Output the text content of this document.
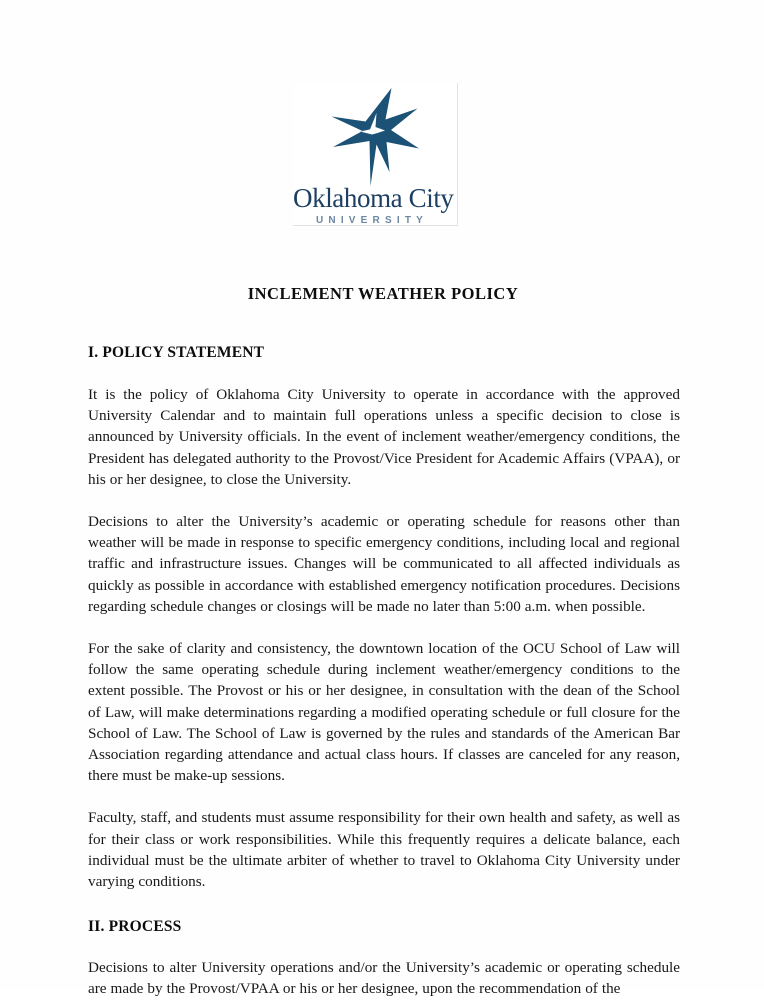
Oklahoma City
UNIVERSITY
INCLEMENT WEATHER POLICY
I. POLICY STATEMENT

It is the policy of Oklahoma City University to operate in accordance with the approved University Calendar and to maintain full operations unless a specific decision to close is announced by University officials. In the event of inclement weather/emergency conditions, the President has delegated authority to the Provost/Vice President for Academic Affairs (VPAA), or his or her designee, to close the University.

Decisions to alter the University’s academic or operating schedule for reasons other than weather will be made in response to specific emergency conditions, including local and regional traffic and infrastructure issues. Changes will be communicated to all affected individuals as quickly as possible in accordance with established emergency notification procedures. Decisions regarding schedule changes or closings will be made no later than 5:00 a.m. when possible.

For the sake of clarity and consistency, the downtown location of the OCU School of Law will follow the same operating schedule during inclement weather/emergency conditions to the extent possible. The Provost or his or her designee, in consultation with the dean of the School of Law, will make determinations regarding a modified operating schedule or full closure for the School of Law. The School of Law is governed by the rules and standards of the American Bar Association regarding attendance and actual class hours. If classes are canceled for any reason, there must be make-up sessions.

Faculty, staff, and students must assume responsibility for their own health and safety, as well as for their class or work responsibilities. While this frequently requires a delicate balance, each individual must be the ultimate arbiter of whether to travel to Oklahoma City University under varying conditions.

II. PROCESS

Decisions to alter University operations and/or the University’s academic or operating schedule are made by the Provost/VPAA or his or her designee, upon the recommendation of the
